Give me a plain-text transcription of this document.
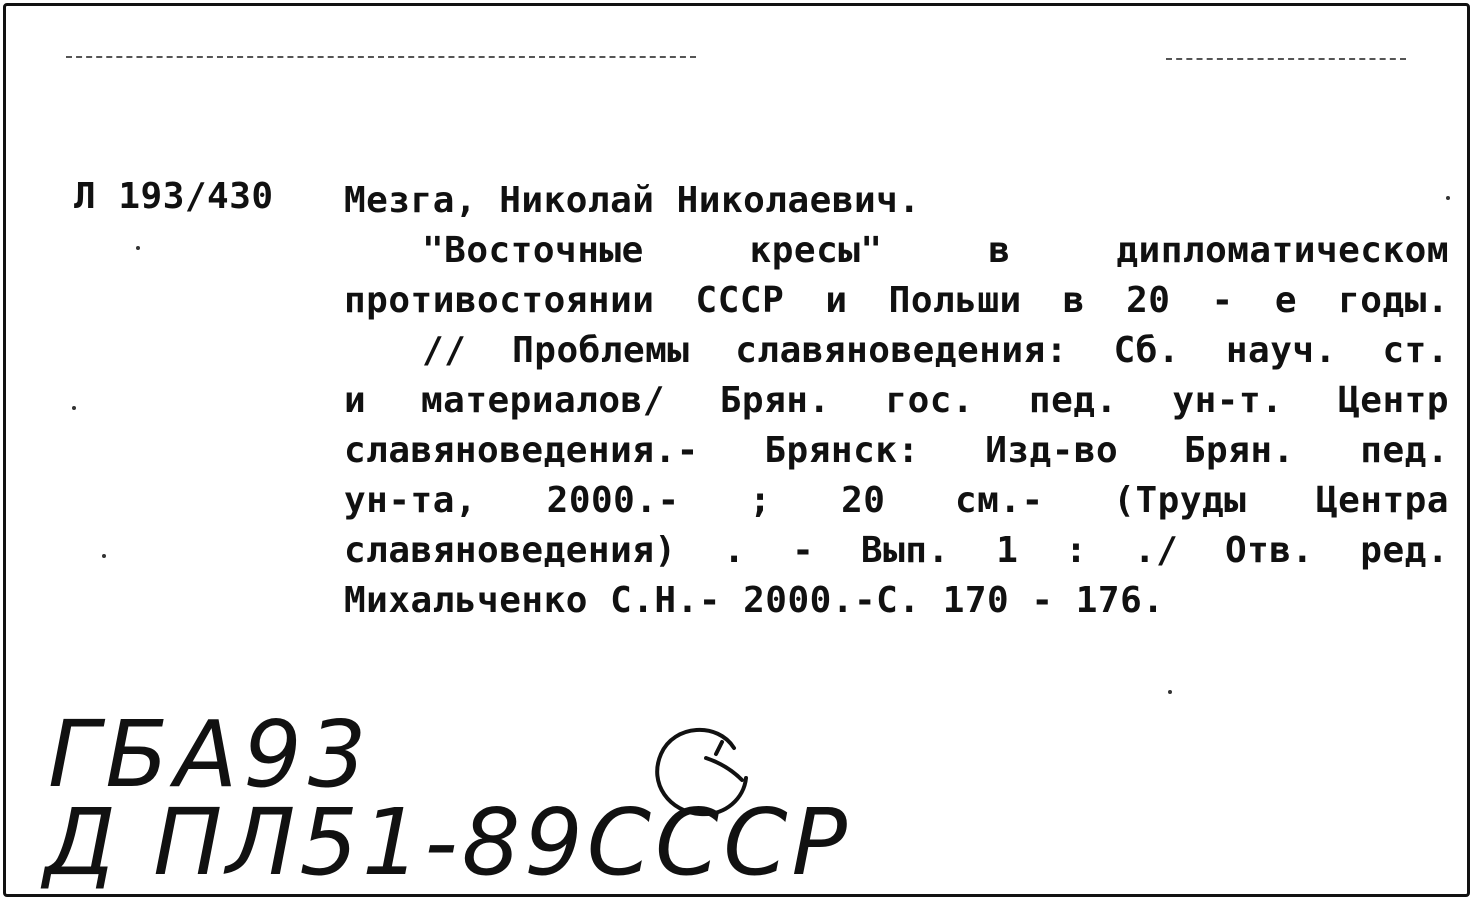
Л 193/430 Мезга, Николай Николаевич.
"Восточные кресы" в дипломатическом
противостоянии СССР и Польши в 20 - е годы.
// Проблемы славяноведения: Сб. науч. ст.
и материалов/ Брян. гос. пед. ун-т. Центр
славяноведения.- Брянск: Изд-во Брян. пед.
ун-та, 2000.- ; 20 см.- (Труды Центра
славяноведения) . - Вып. 1 : ./ Отв. ред.
Михальченко С.Н.- 2000.-С. 170 - 176.
ГБА93
Д ПЛ51-89СССР
